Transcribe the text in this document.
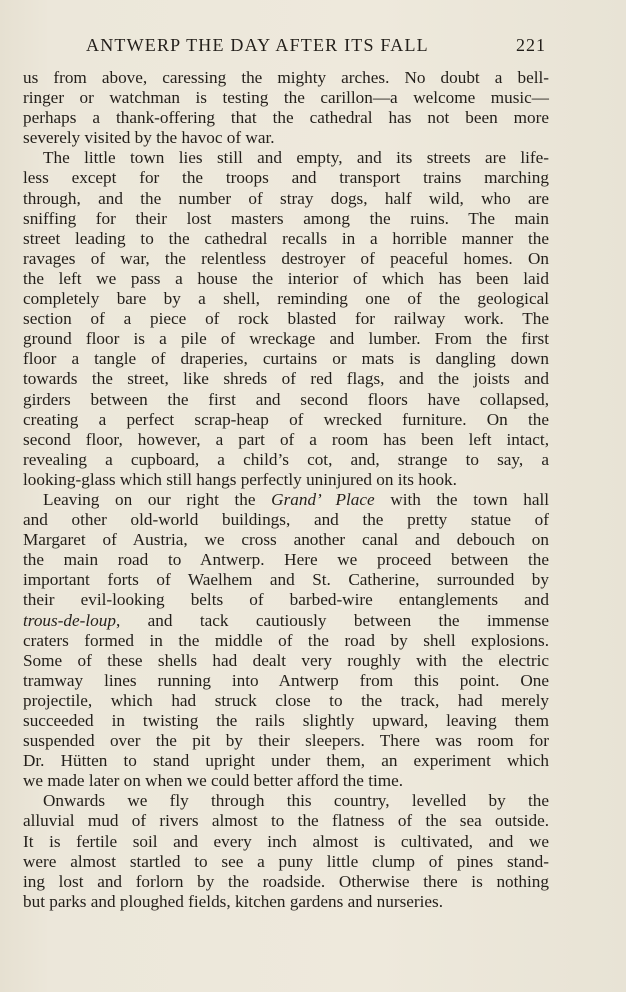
ANTWERP THE DAY AFTER ITS FALL	221
us from above, caressing the mighty arches. No doubt a bell-
ringer or watchman is testing the carillon—a welcome music—
perhaps a thank-offering that the cathedral has not been more
severely visited by the havoc of war.
The little town lies still and empty, and its streets are life-
less except for the troops and transport trains marching
through, and the number of stray dogs, half wild, who are
sniffing for their lost masters among the ruins. The main
street leading to the cathedral recalls in a horrible manner the
ravages of war, the relentless destroyer of peaceful homes. On
the left we pass a house the interior of which has been laid
completely bare by a shell, reminding one of the geological
section of a piece of rock blasted for railway work. The
ground floor is a pile of wreckage and lumber. From the first
floor a tangle of draperies, curtains or mats is dangling down
towards the street, like shreds of red flags, and the joists and
girders between the first and second floors have collapsed,
creating a perfect scrap-heap of wrecked furniture. On the
second floor, however, a part of a room has been left intact,
revealing a cupboard, a child’s cot, and, strange to say, a
looking-glass which still hangs perfectly uninjured on its hook.
Leaving on our right the Grand’ Place with the town hall
and other old-world buildings, and the pretty statue of
Margaret of Austria, we cross another canal and debouch on
the main road to Antwerp. Here we proceed between the
important forts of Waelhem and St. Catherine, surrounded by
their evil-looking belts of barbed-wire entanglements and
trous-de-loup, and tack cautiously between the immense
craters formed in the middle of the road by shell explosions.
Some of these shells had dealt very roughly with the electric
tramway lines running into Antwerp from this point. One
projectile, which had struck close to the track, had merely
succeeded in twisting the rails slightly upward, leaving them
suspended over the pit by their sleepers. There was room for
Dr. Hütten to stand upright under them, an experiment which
we made later on when we could better afford the time.
Onwards we fly through this country, levelled by the
alluvial mud of rivers almost to the flatness of the sea outside.
It is fertile soil and every inch almost is cultivated, and we
were almost startled to see a puny little clump of pines stand-
ing lost and forlorn by the roadside. Otherwise there is nothing
but parks and ploughed fields, kitchen gardens and nurseries.
